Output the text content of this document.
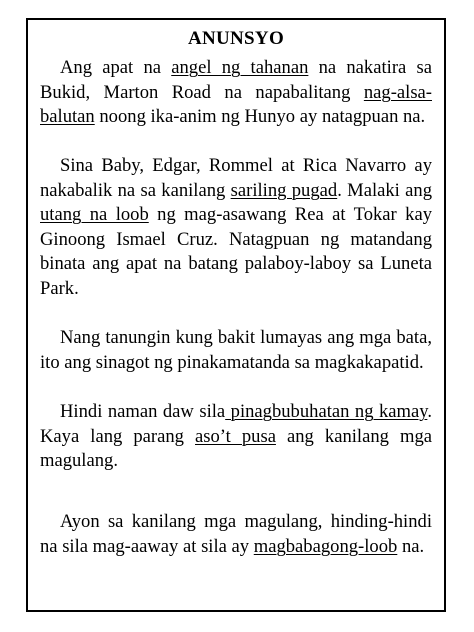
ANUNSYO

Ang apat na angel ng tahanan na nakatira sa Bukid, Marton Road na napabalitang nag-alsa-balutan noong ika-anim ng Hunyo ay natagpuan na.

Sina Baby, Edgar, Rommel at Rica Navarro ay nakabalik na sa kanilang sariling pugad. Malaki ang utang na loob ng mag-asawang Rea at Tokar kay Ginoong Ismael Cruz. Natagpuan ng matandang binata ang apat na batang palaboy-laboy sa Luneta Park.

Nang tanungin kung bakit lumayas ang mga bata, ito ang sinagot ng pinakamatanda sa magkakapatid.

Hindi naman daw sila pinagbubuhatan ng kamay. Kaya lang parang aso’t pusa ang kanilang mga magulang.

Ayon sa kanilang mga magulang, hinding-hindi na sila mag-aaway at sila ay magbabagong-loob na.
